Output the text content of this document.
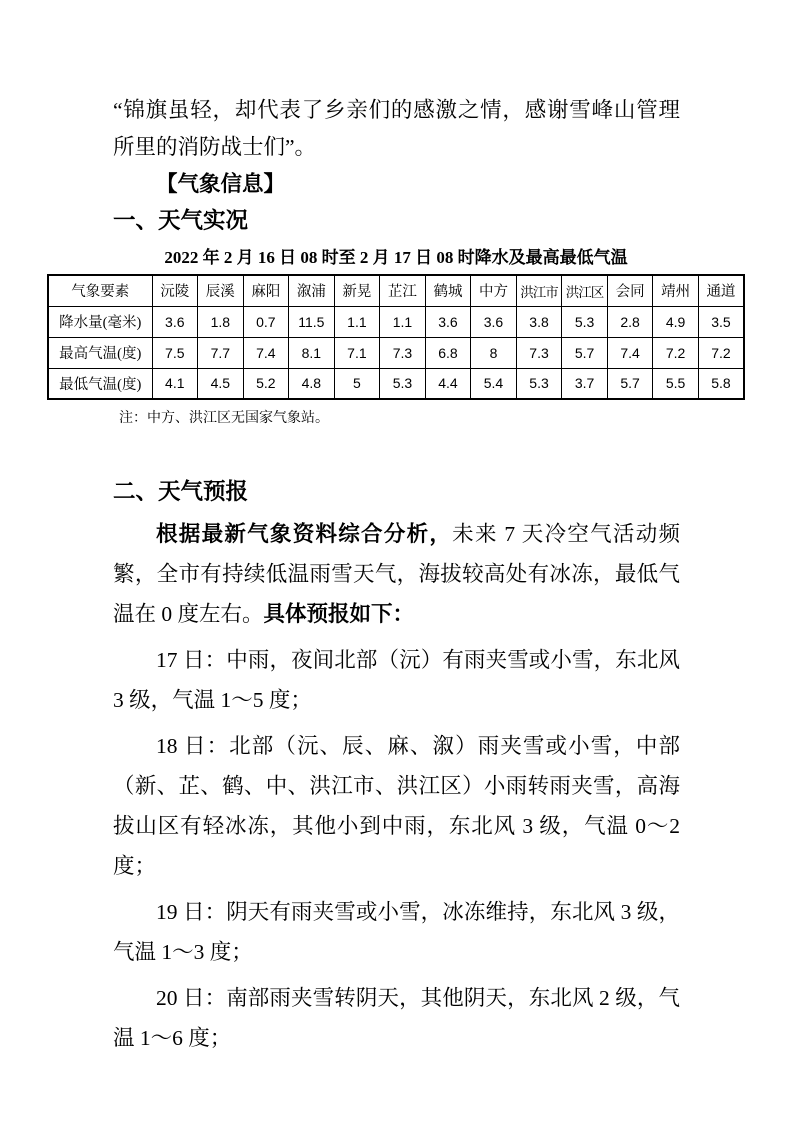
“锦旗虽轻，却代表了乡亲们的感激之情，感谢雪峰山管理所里的消防战士们”。

【气象信息】

一、天气实况

2022 年 2 月 16 日 08 时至 2 月 17 日 08 时降水及最高最低气温

气象要素	沅陵	辰溪	麻阳	溆浦	新晃	芷江	鹤城	中方	洪江市	洪江区	会同	靖州	通道
降水量(毫米)	3.6	1.8	0.7	11.5	1.1	1.1	3.6	3.6	3.8	5.3	2.8	4.9	3.5
最高气温(度)	7.5	7.7	7.4	8.1	7.1	7.3	6.8	8	7.3	5.7	7.4	7.2	7.2
最低气温(度)	4.1	4.5	5.2	4.8	5	5.3	4.4	5.4	5.3	3.7	5.7	5.5	5.8

注：中方、洪江区无国家气象站。

二、天气预报

根据最新气象资料综合分析，未来 7 天冷空气活动频繁，全市有持续低温雨雪天气，海拔较高处有冰冻，最低气温在 0 度左右。具体预报如下：

17 日：中雨，夜间北部（沅）有雨夹雪或小雪，东北风 3 级，气温 1～5 度；

18 日：北部（沅、辰、麻、溆）雨夹雪或小雪，中部（新、芷、鹤、中、洪江市、洪江区）小雨转雨夹雪，高海拔山区有轻冰冻，其他小到中雨，东北风 3 级，气温 0～2 度；

19 日：阴天有雨夹雪或小雪，冰冻维持，东北风 3 级，气温 1～3 度；

20 日：南部雨夹雪转阴天，其他阴天，东北风 2 级，气温 1～6 度；
